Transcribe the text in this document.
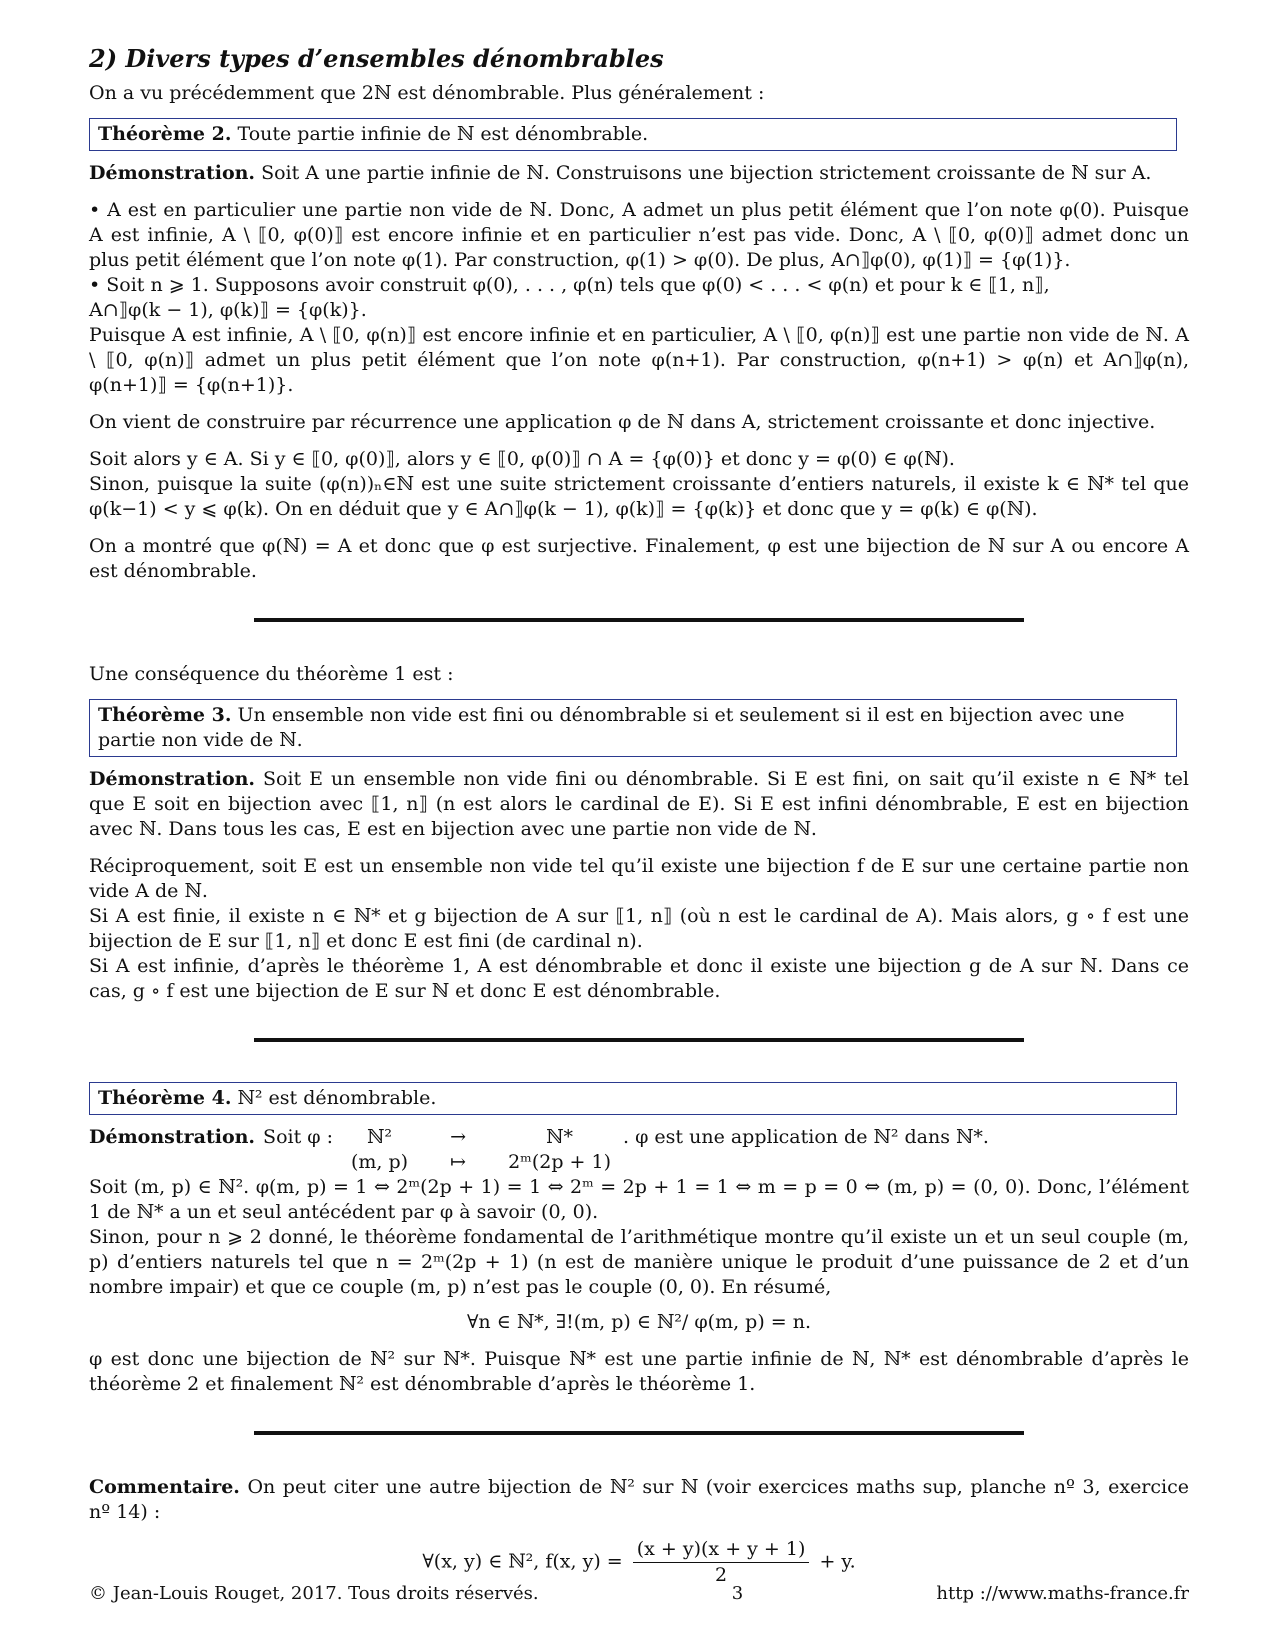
2) Divers types d’ensembles dénombrables

On a vu précédemment que 2ℕ est dénombrable. Plus généralement :

Théorème 2. Toute partie infinie de ℕ est dénombrable.

Démonstration. Soit A une partie infinie de ℕ. Construisons une bijection strictement croissante de ℕ sur A.

• A est en particulier une partie non vide de ℕ. Donc, A admet un plus petit élément que l’on note φ(0). Puisque A est infinie, A \ ⟦0, φ(0)⟧ est encore infinie et en particulier n’est pas vide. Donc, A \ ⟦0, φ(0)⟧ admet donc un plus petit élément que l’on note φ(1). Par construction, φ(1) > φ(0). De plus, A∩⟧φ(0), φ(1)⟧ = {φ(1)}.
• Soit n ⩾ 1. Supposons avoir construit φ(0), . . . , φ(n) tels que φ(0) < . . . < φ(n) et pour k ∈ ⟦1, n⟧,
A∩⟧φ(k − 1), φ(k)⟧ = {φ(k)}.
Puisque A est infinie, A \ ⟦0, φ(n)⟧ est encore infinie et en particulier, A \ ⟦0, φ(n)⟧ est une partie non vide de ℕ. A \ ⟦0, φ(n)⟧ admet un plus petit élément que l’on note φ(n+1). Par construction, φ(n+1) > φ(n) et A∩⟧φ(n), φ(n+1)⟧ = {φ(n+1)}.

On vient de construire par récurrence une application φ de ℕ dans A, strictement croissante et donc injective.

Soit alors y ∈ A. Si y ∈ ⟦0, φ(0)⟧, alors y ∈ ⟦0, φ(0)⟧ ∩ A = {φ(0)} et donc y = φ(0) ∈ φ(ℕ).
Sinon, puisque la suite (φ(n))ₙ∈ℕ est une suite strictement croissante d’entiers naturels, il existe k ∈ ℕ* tel que φ(k−1) < y ⩽ φ(k). On en déduit que y ∈ A∩⟧φ(k − 1), φ(k)⟧ = {φ(k)} et donc que y = φ(k) ∈ φ(ℕ).

On a montré que φ(ℕ) = A et donc que φ est surjective. Finalement, φ est une bijection de ℕ sur A ou encore A est dénombrable.

Une conséquence du théorème 1 est :

Théorème 3. Un ensemble non vide est fini ou dénombrable si et seulement si il est en bijection avec une partie non vide de ℕ.

Démonstration. Soit E un ensemble non vide fini ou dénombrable. Si E est fini, on sait qu’il existe n ∈ ℕ* tel que E soit en bijection avec ⟦1, n⟧ (n est alors le cardinal de E). Si E est infini dénombrable, E est en bijection avec ℕ. Dans tous les cas, E est en bijection avec une partie non vide de ℕ.

Réciproquement, soit E est un ensemble non vide tel qu’il existe une bijection f de E sur une certaine partie non vide A de ℕ.
Si A est finie, il existe n ∈ ℕ* et g bijection de A sur ⟦1, n⟧ (où n est le cardinal de A). Mais alors, g ∘ f est une bijection de E sur ⟦1, n⟧ et donc E est fini (de cardinal n).
Si A est infinie, d’après le théorème 1, A est dénombrable et donc il existe une bijection g de A sur ℕ. Dans ce cas, g ∘ f est une bijection de E sur ℕ et donc E est dénombrable.
Théorème 4. ℕ² est dénombrable.
Démonstration. Soit φ :	ℕ²	→	ℕ*
(m, p)	↦	2ᵐ(2p + 1)
. φ est une application de ℕ² dans ℕ*.
Soit (m, p) ∈ ℕ². φ(m, p) = 1 ⇔ 2ᵐ(2p + 1) = 1 ⇔ 2ᵐ = 2p + 1 = 1 ⇔ m = p = 0 ⇔ (m, p) = (0, 0). Donc, l’élément 1 de ℕ* a un et seul antécédent par φ à savoir (0, 0).
Sinon, pour n ⩾ 2 donné, le théorème fondamental de l’arithmétique montre qu’il existe un et un seul couple (m, p) d’entiers naturels tel que n = 2ᵐ(2p + 1) (n est de manière unique le produit d’une puissance de 2 et d’un nombre impair) et que ce couple (m, p) n’est pas le couple (0, 0). En résumé,
∀n ∈ ℕ*, ∃!(m, p) ∈ ℕ²/ φ(m, p) = n.

φ est donc une bijection de ℕ² sur ℕ*. Puisque ℕ* est une partie infinie de ℕ, ℕ* est dénombrable d’après le théorème 2 et finalement ℕ² est dénombrable d’après le théorème 1.

Commentaire. On peut citer une autre bijection de ℕ² sur ℕ (voir exercices maths sup, planche nº 3, exercice nº 14) :

∀(x, y) ∈ ℕ², f(x, $y) = \frac{(x + y)(x + y + 1)}{2} + y$.
© Jean-Louis Rouget, 2017. Tous droits réservés.	3	http ://www.maths-france.fr
